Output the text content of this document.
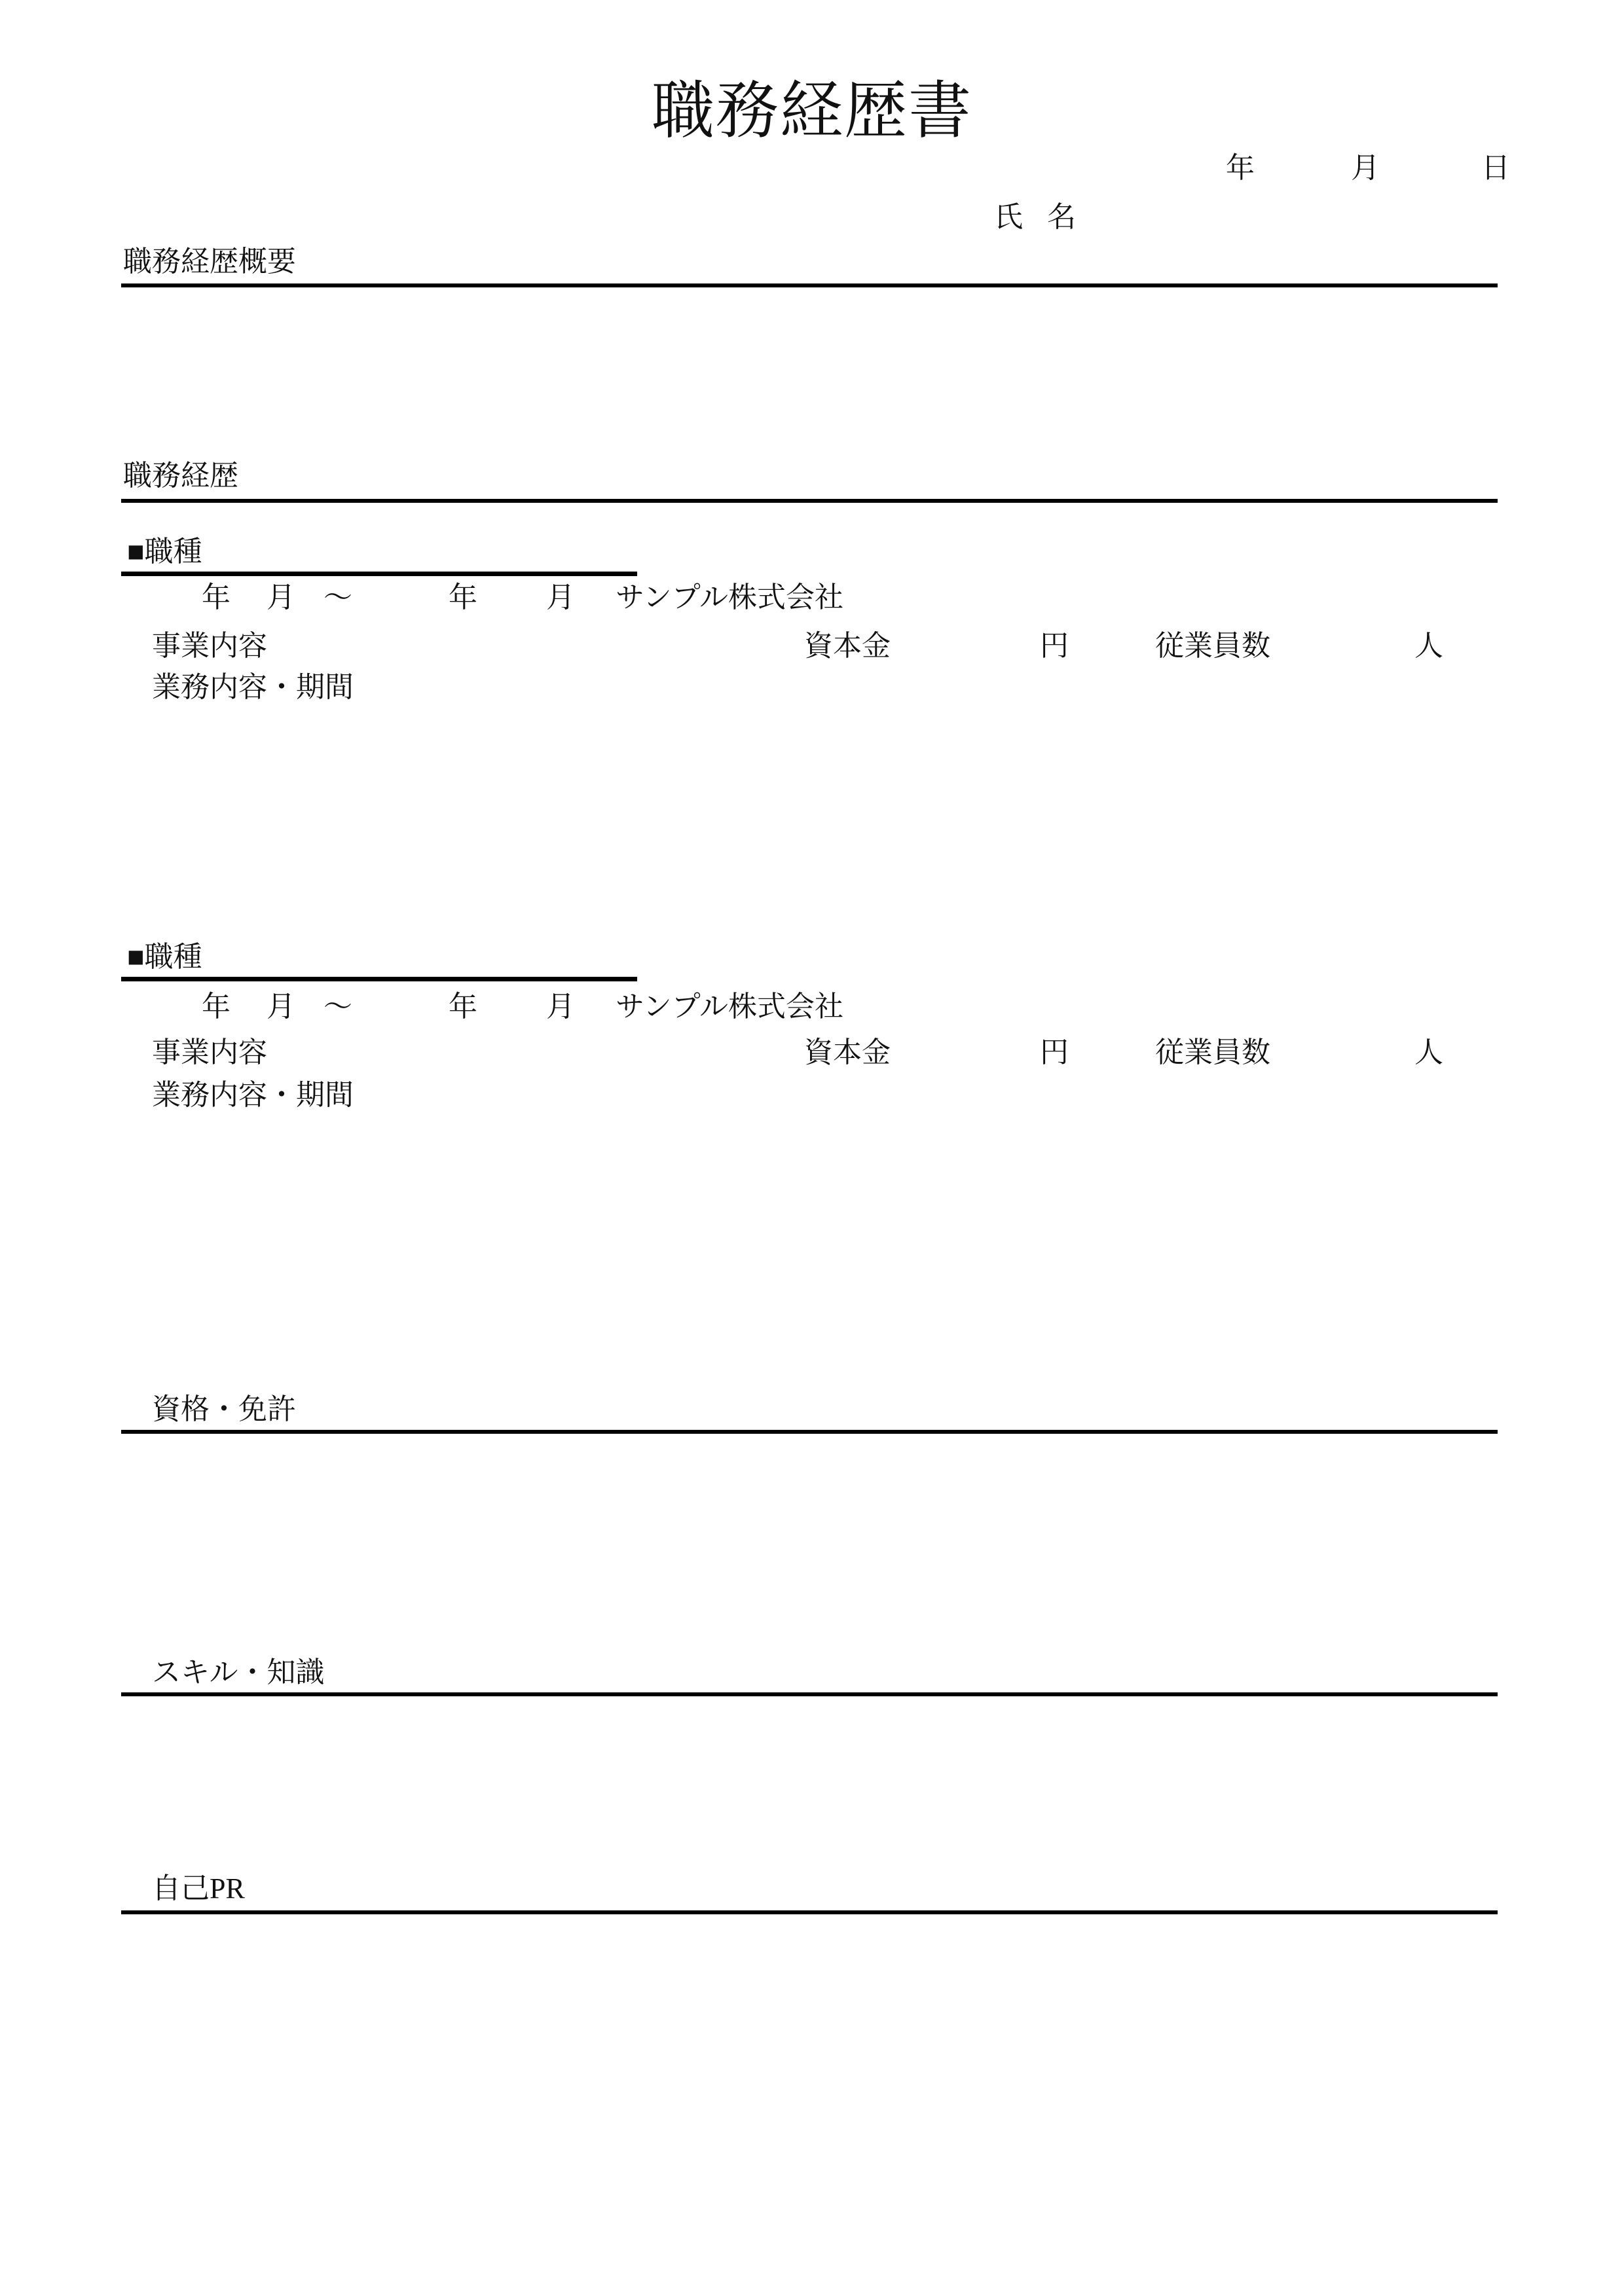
職務経歴書
年	月	日
氏 名
職務経歴概要
職務経歴
■職種
年 月 ～	年 月 サンプル株式会社
事業内容	資本金	円	従業員数	人
業務内容・期間
■職種
年 月 ～	年 月 サンプル株式会社
事業内容	資本金	円	従業員数	人
業務内容・期間
資格・免許
スキル・知識
自己PR
